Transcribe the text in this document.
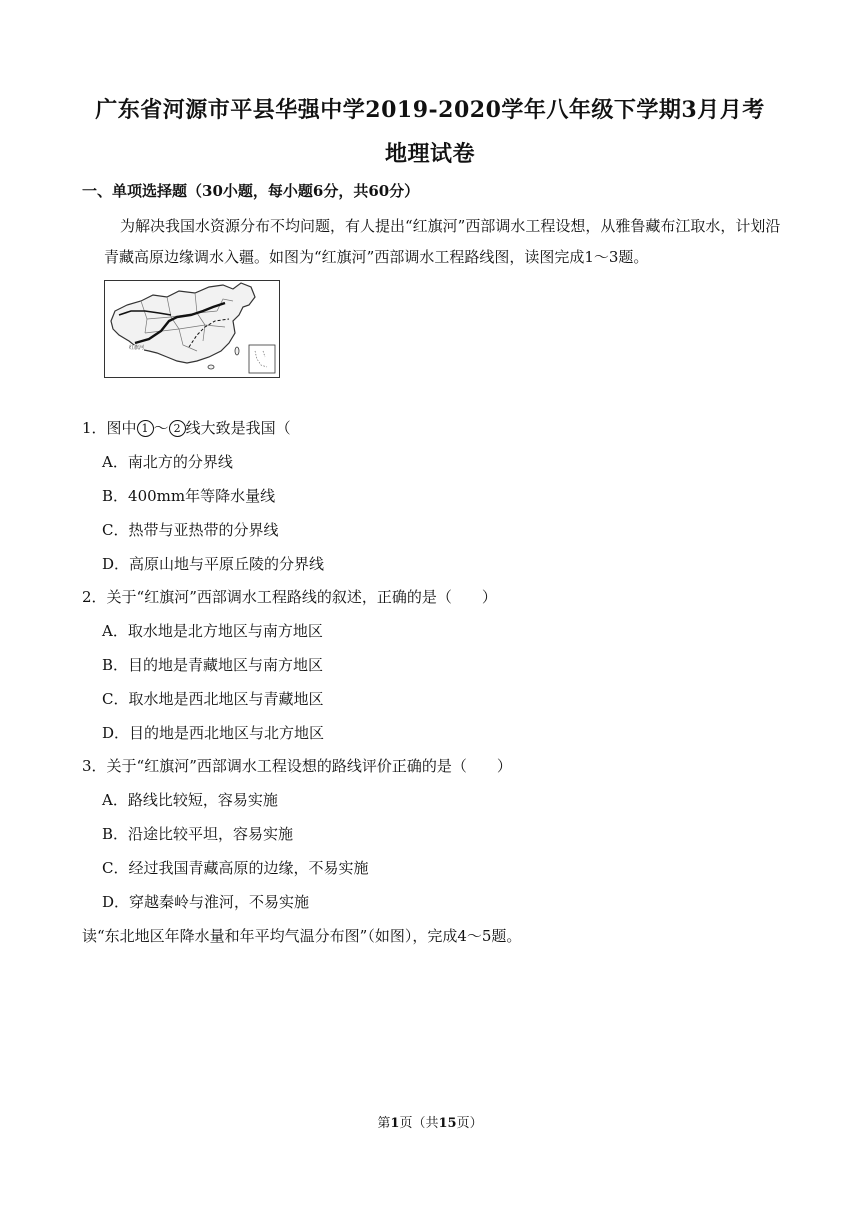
广东省河源市平县华强中学2019-2020学年八年级下学期3月月考
地理试卷
一、单项选择题（30小题，每小题6分，共60分）
为解决我国水资源分布不均问题，有人提出“红旗河”西部调水工程设想，从雅鲁藏布江取水，计划沿青藏高原边缘调水入疆。如图为“红旗河”西部调水工程路线图，读图完成1～3题。
红旗河
1．图中 1 ～ 2 线大致是我国（
A．南北方的分界线
B．400mm年等降水量线
C．热带与亚热带的分界线
D．高原山地与平原丘陵的分界线
2．关于“红旗河”西部调水工程路线的叙述，正确的是（　　）
A．取水地是北方地区与南方地区
B．目的地是青藏地区与南方地区
C．取水地是西北地区与青藏地区
D．目的地是西北地区与北方地区
3．关于“红旗河”西部调水工程设想的路线评价正确的是（　　）
A．路线比较短，容易实施
B．沿途比较平坦，容易实施
C．经过我国青藏高原的边缘，不易实施
D．穿越秦岭与淮河，不易实施
读“东北地区年降水量和年平均气温分布图”（如图），完成4～5题。
第1页（共15页）
